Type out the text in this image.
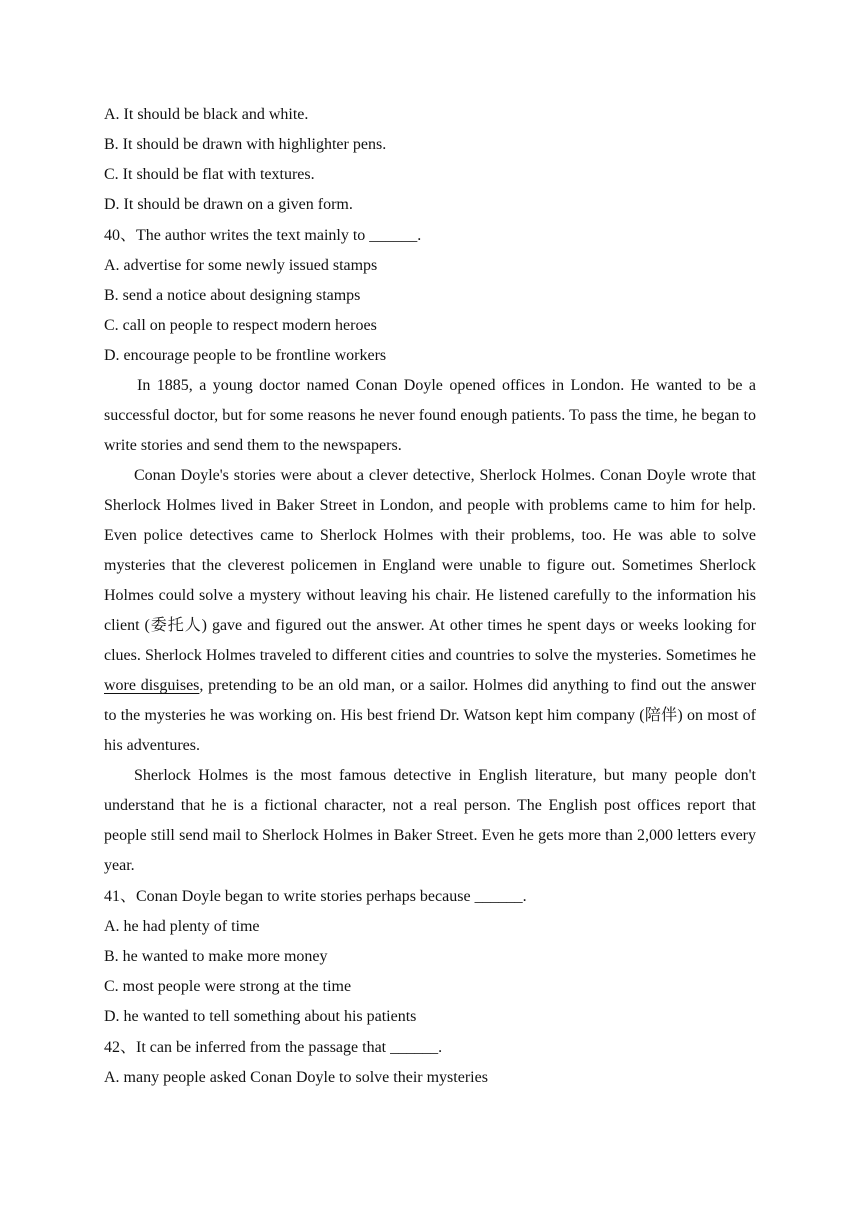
A. It should be black and white.
B. It should be drawn with highlighter pens.
C. It should be flat with textures.
D. It should be drawn on a given form.
40、The author writes the text mainly to ______.
A. advertise for some newly issued stamps
B. send a notice about designing stamps
C. call on people to respect modern heroes
D. encourage people to be frontline workers
In 1885, a young doctor named Conan Doyle opened offices in London. He wanted to be a successful doctor, but for some reasons he never found enough patients. To pass the time, he began to write stories and send them to the newspapers.
Conan Doyle's stories were about a clever detective, Sherlock Holmes. Conan Doyle wrote that Sherlock Holmes lived in Baker Street in London, and people with problems came to him for help. Even police detectives came to Sherlock Holmes with their problems, too. He was able to solve mysteries that the cleverest policemen in England were unable to figure out. Sometimes Sherlock Holmes could solve a mystery without leaving his chair. He listened carefully to the information his client (委托人) gave and figured out the answer. At other times he spent days or weeks looking for clues. Sherlock Holmes traveled to different cities and countries to solve the mysteries. Sometimes he wore disguises, pretending to be an old man, or a sailor. Holmes did anything to find out the answer to the mysteries he was working on. His best friend Dr. Watson kept him company (陪伴) on most of his adventures.
Sherlock Holmes is the most famous detective in English literature, but many people don't understand that he is a fictional character, not a real person. The English post offices report that people still send mail to Sherlock Holmes in Baker Street. Even he gets more than 2,000 letters every year.
41、Conan Doyle began to write stories perhaps because ______.
A. he had plenty of time
B. he wanted to make more money
C. most people were strong at the time
D. he wanted to tell something about his patients
42、It can be inferred from the passage that ______.
A. many people asked Conan Doyle to solve their mysteries
